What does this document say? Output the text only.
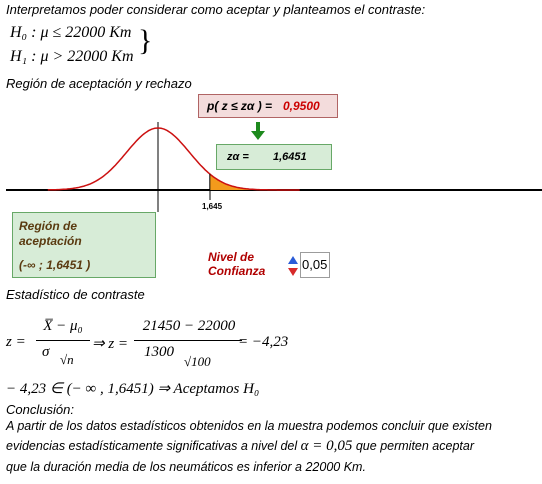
Interpretamos poder considerar como aceptar y planteamos el contraste:
H₀ : μ ≤ 22000 Km
H₁ : μ > 22000 Km }
Región de aceptación y rechazo
p( z ≤ zα ) = 0,9500
zα = 1,6451
1,645
Región de
aceptación
(-∞ ; 1,6451 )
Nivel de
Confianza	0,05
Estadístico de contraste
z =
X̅ − μ₀
σ √n
⇒ z =
21450 − 22000
1300
√100
= −4,23
− 4,23 ∈ (− ∞ , 1,6451) ⇒ Aceptamos H₀
Conclusión:
A partir de los datos estadísticos obtenidos en la muestra podemos concluir que existen
evidencias estadísticamente significativas a nivel del α = 0,05 que permiten aceptar
que la duración media de los neumáticos es inferior a 22000 Km.
